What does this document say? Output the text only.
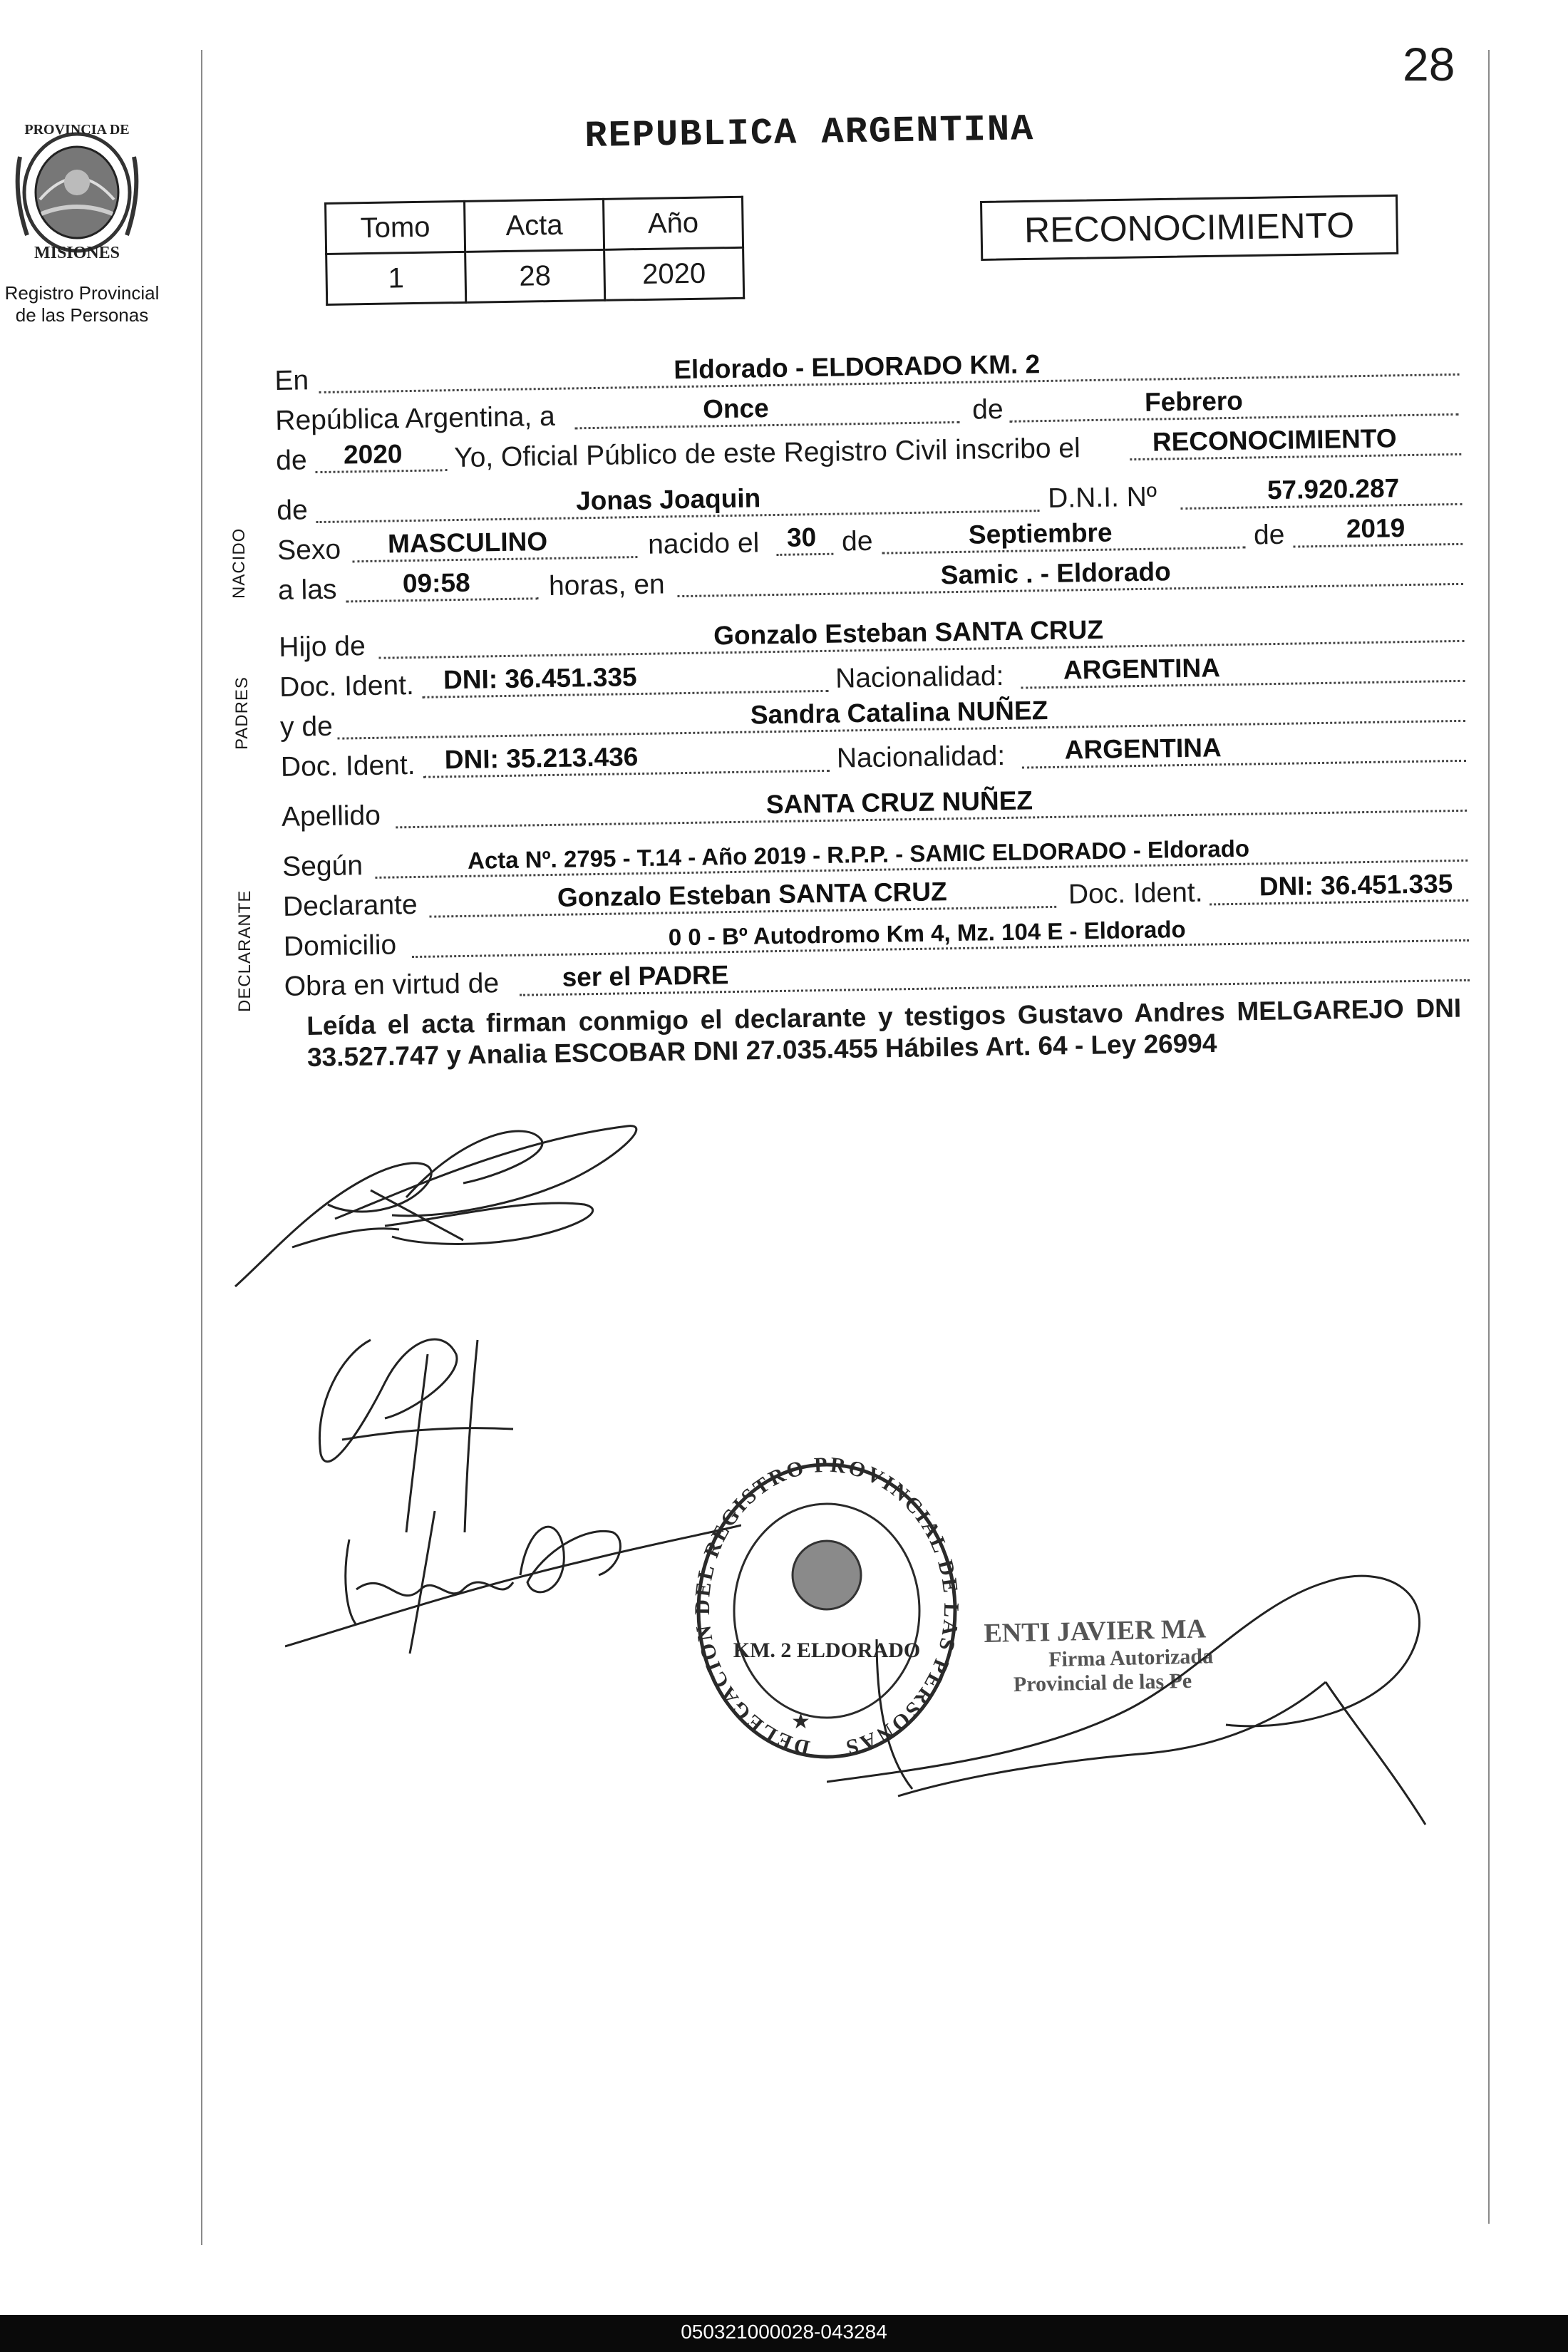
28
PROVINCIA DE
MISIONES
Registro Provincial
de las Personas
REPUBLICA ARGENTINA
Tomo	Acta	Año
1	28	2020
RECONOCIMIENTO
NACIDO
PADRES
DECLARANTE
En	Eldorado - ELDORADO KM. 2
República Argentina, a	Once	de	Febrero
de 2020 Yo, Oficial Público de este Registro Civil inscribo el	RECONOCIMIENTO
de	Jonas Joaquin	D.N.I. Nº	57.920.287
Sexo MASCULINO	nacido el 30 de	Septiembre	de 2019
a las 09:58	horas, en	Samic . - Eldorado
Hijo de	Gonzalo Esteban SANTA CRUZ
Doc. Ident. DNI: 36.451.335	Nacionalidad: ARGENTINA
y de	Sandra Catalina NUÑEZ
Doc. Ident. DNI: 35.213.436	Nacionalidad: ARGENTINA
Apellido	SANTA CRUZ NUÑEZ
Según	Acta Nº. 2795 - T.14 - Año 2019 - R.P.P. - SAMIC ELDORADO - Eldorado
Declarante	Gonzalo Esteban SANTA CRUZ	Doc. Ident. DNI: 36.451.335
Domicilio	0 0 - Bº Autodromo Km 4, Mz. 104 E - Eldorado
Obra en virtud de ser el PADRE

Leída el acta firman conmigo el declarante y testigos Gustavo Andres MELGAREJO DNI 33.527.747 y Analia ESCOBAR DNI 27.035.455 Hábiles Art. 64 - Ley 26994

DELEGACION DEL REGISTRO PROVINCIAL DE LAS PERSONAS
KM. 2 ELDORADO
★
ENTI JAVIER MA
Firma Autorizada
Provincial de las Pe
050321000028-043284
